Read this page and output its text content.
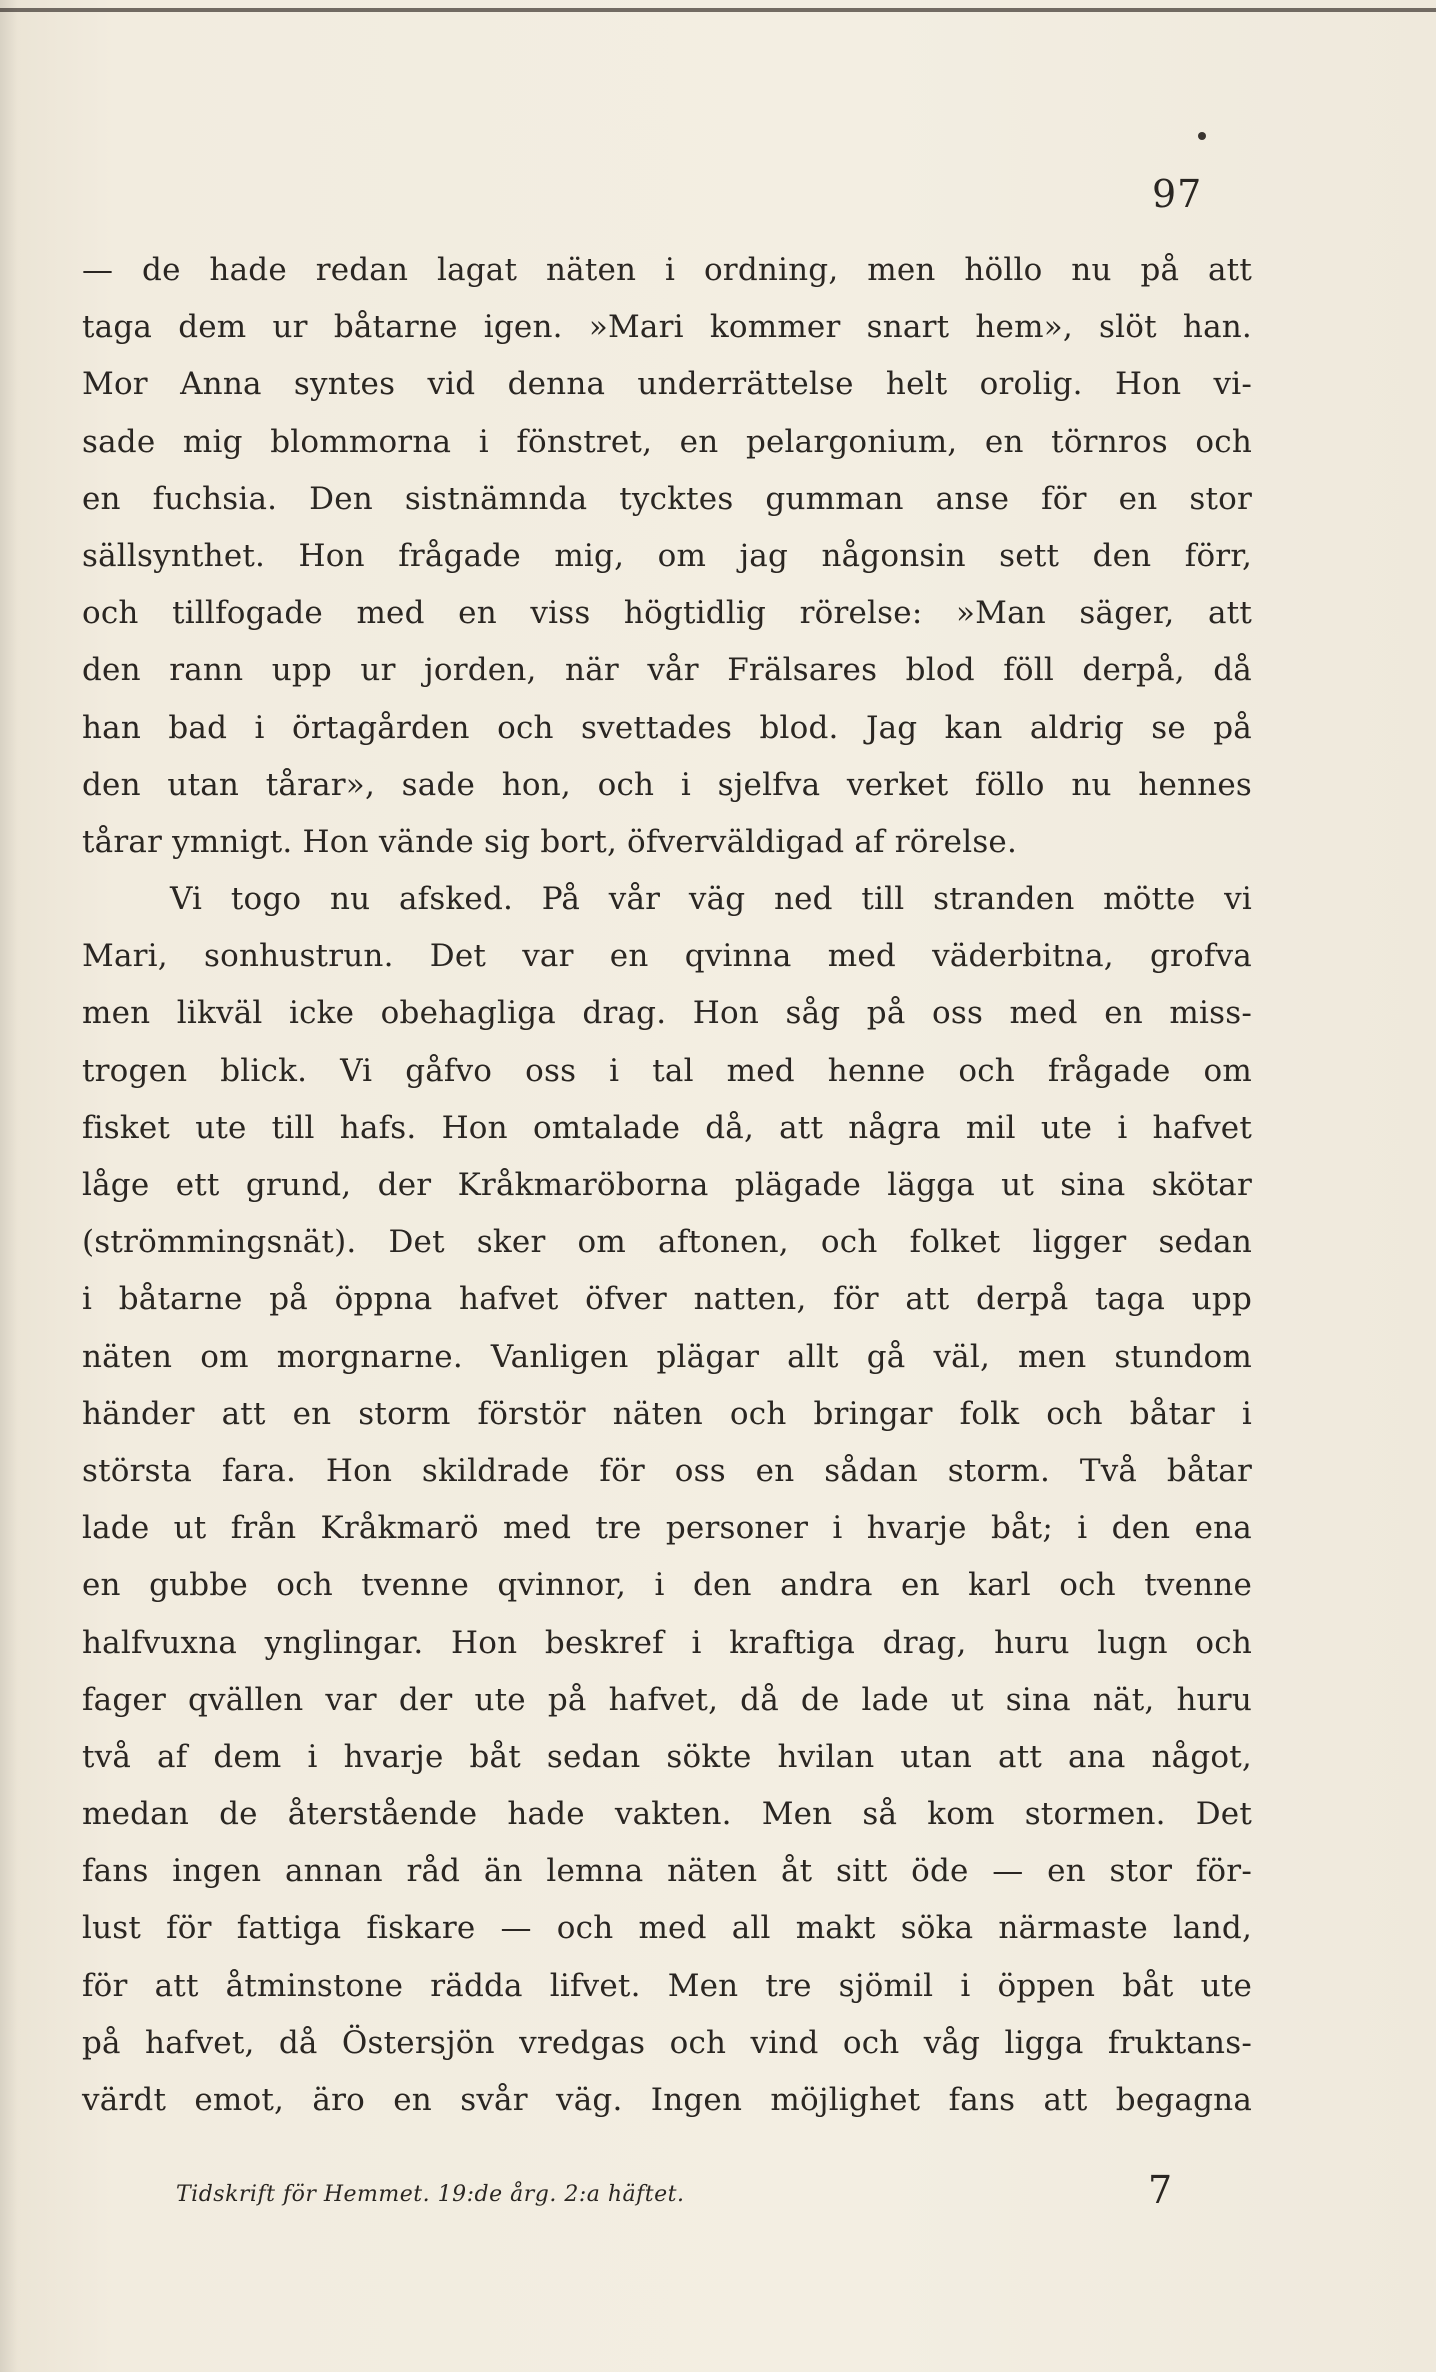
97
— de hade redan lagat näten i ordning, men höllo nu på att
taga dem ur båtarne igen. »Mari kommer snart hem», slöt han.
Mor Anna syntes vid denna underrättelse helt orolig. Hon vi-
sade mig blommorna i fönstret, en pelargonium, en törnros och
en fuchsia. Den sistnämnda tycktes gumman anse för en stor
sällsynthet. Hon frågade mig, om jag någonsin sett den förr,
och tillfogade med en viss högtidlig rörelse: »Man säger, att
den rann upp ur jorden, när vår Frälsares blod föll derpå, då
han bad i örtagården och svettades blod. Jag kan aldrig se på
den utan tårar», sade hon, och i sjelfva verket föllo nu hennes
tårar ymnigt. Hon vände sig bort, öfverväldigad af rörelse.
Vi togo nu afsked. På vår väg ned till stranden mötte vi
Mari, sonhustrun. Det var en qvinna med väderbitna, grofva
men likväl icke obehagliga drag. Hon såg på oss med en miss-
trogen blick. Vi gåfvo oss i tal med henne och frågade om
fisket ute till hafs. Hon omtalade då, att några mil ute i hafvet
låge ett grund, der Kråkmaröborna plägade lägga ut sina skötar
(strömmingsnät). Det sker om aftonen, och folket ligger sedan
i båtarne på öppna hafvet öfver natten, för att derpå taga upp
näten om morgnarne. Vanligen plägar allt gå väl, men stundom
händer att en storm förstör näten och bringar folk och båtar i
största fara. Hon skildrade för oss en sådan storm. Två båtar
lade ut från Kråkmarö med tre personer i hvarje båt; i den ena
en gubbe och tvenne qvinnor, i den andra en karl och tvenne
halfvuxna ynglingar. Hon beskref i kraftiga drag, huru lugn och
fager qvällen var der ute på hafvet, då de lade ut sina nät, huru
två af dem i hvarje båt sedan sökte hvilan utan att ana något,
medan de återstående hade vakten. Men så kom stormen. Det
fans ingen annan råd än lemna näten åt sitt öde — en stor för-
lust för fattiga fiskare — och med all makt söka närmaste land,
för att åtminstone rädda lifvet. Men tre sjömil i öppen båt ute
på hafvet, då Östersjön vredgas och vind och våg ligga fruktans-
värdt emot, äro en svår väg. Ingen möjlighet fans att begagna
Tidskrift för Hemmet. 19:de årg. 2:a häftet.	7
